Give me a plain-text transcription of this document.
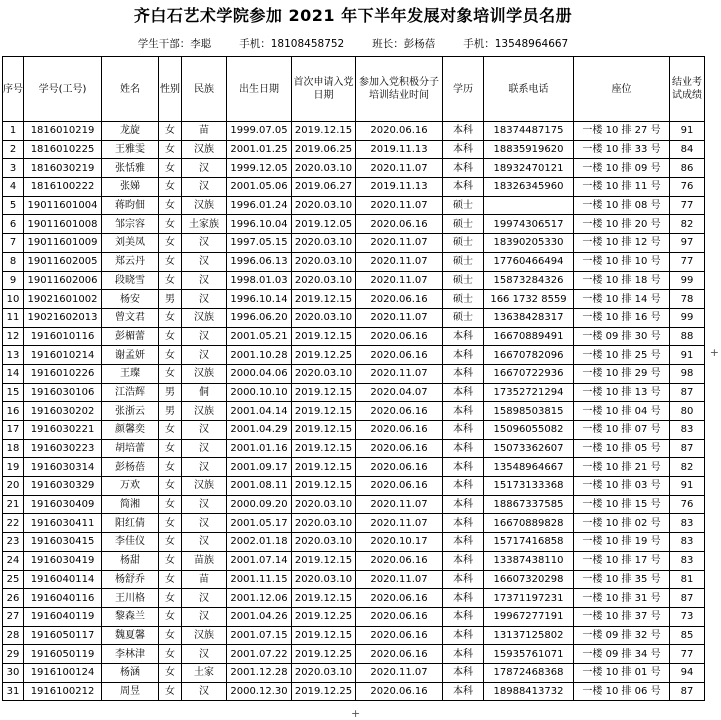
齐白石艺术学院参加 2021 年下半年发展对象培训学员名册
学生干部：李聪	手机：18108458752	班长：彭杨蓓	手机：13548964667
序号	学号(工号)	姓名	性别	民族	出生日期	首次申请入党日期	参加入党积极分子培训结业时间	学历	联系电话	座位	结业考试成绩
1	1816010219	龙旋	女	苗	1999.07.05	2019.12.15	2020.06.16	本科	18374487175	一楼 10 排 27 号	91
2	1816010225	王雅雯	女	汉族	2001.01.25	2019.06.25	2019.11.13	本科	18835919620	一楼 10 排 33 号	84
3	1816030219	张恬雅	女	汉	1999.12.05	2020.03.10	2020.11.07	本科	18932470121	一楼 10 排 09 号	86
4	1816100222	张娣	女	汉	2001.05.06	2019.06.27	2019.11.13	本科	18326345960	一楼 10 排 11 号	76
5	19011601004	蒋昀佃	女	汉族	1996.01.24	2020.03.10	2020.11.07	硕士		一楼 10 排 08 号	77
6	19011601008	邹宗容	女	土家族	1996.10.04	2019.12.05	2020.06.16	硕士	19974306517	一楼 10 排 20 号	82
7	19011601009	刘美凤	女	汉	1997.05.15	2020.03.10	2020.11.07	硕士	18390205330	一楼 10 排 12 号	97
8	19011602005	郑云丹	女	汉	1996.06.13	2020.03.10	2020.11.07	硕士	17760466494	一楼 10 排 10 号	77
9	19011602006	段晓雪	女	汉	1998.01.03	2020.03.10	2020.11.07	硕士	15873284326	一楼 10 排 18 号	99
10	19021601002	杨安	男	汉	1996.10.14	2019.12.15	2020.06.16	硕士	166 1732 8559	一楼 10 排 14 号	78
11	19021602013	曾文君	女	汉族	1996.06.20	2020.03.10	2020.11.07	硕士	13638428317	一楼 10 排 16 号	99
12	1916010116	彭楣蕾	女	汉	2001.05.21	2019.12.15	2020.06.16	本科	16670889491	一楼 09 排 30 号	88
13	1916010214	谢孟妍	女	汉	2001.10.28	2019.12.25	2020.06.16	本科	16670782096	一楼 10 排 25 号	91
14	1916010226	王璨	女	汉族	2000.04.06	2020.03.10	2020.11.07	本科	16670722936	一楼 10 排 29 号	98
15	1916030106	江浩辉	男	侗	2000.10.10	2019.12.15	2020.04.07	本科	17352721294	一楼 10 排 13 号	87
16	1916030202	张浙云	男	汉族	2001.04.14	2019.12.15	2020.06.16	本科	15898503815	一楼 10 排 04 号	80
17	1916030221	颜馨奕	女	汉	2001.04.29	2019.12.15	2020.06.16	本科	15096055082	一楼 10 排 07 号	83
18	1916030223	胡培蕾	女	汉	2001.01.16	2019.12.15	2020.06.16	本科	15073362607	一楼 10 排 05 号	87
19	1916030314	彭杨蓓	女	汉	2001.09.17	2019.12.15	2020.06.16	本科	13548964667	一楼 10 排 21 号	82
20	1916030329	万欢	女	汉族	2001.08.11	2019.12.15	2020.06.16	本科	15173133368	一楼 10 排 03 号	91
21	1916030409	简湘	女	汉	2000.09.20	2020.03.10	2020.11.07	本科	18867337585	一楼 10 排 15 号	76
22	1916030411	阳红倩	女	汉	2001.05.17	2020.03.10	2020.11.07	本科	16670889828	一楼 10 排 02 号	83
23	1916030415	李佳仪	女	汉	2002.01.18	2020.03.10	2020.10.17	本科	15717416858	一楼 10 排 19 号	83
24	1916030419	杨甜	女	苗族	2001.07.14	2019.12.15	2020.06.16	本科	13387438110	一楼 10 排 17 号	83
25	1916040114	杨舒乔	女	苗	2001.11.15	2020.03.10	2020.11.07	本科	16607320298	一楼 10 排 35 号	81
26	1916040116	王川格	女	汉	2001.12.06	2019.12.15	2020.06.16	本科	17371197231	一楼 10 排 31 号	87
27	1916040119	黎森兰	女	汉	2001.04.26	2019.12.25	2020.06.16	本科	19967277191	一楼 10 排 37 号	73
28	1916050117	魏夏馨	女	汉族	2001.07.15	2019.12.15	2020.06.16	本科	13137125802	一楼 09 排 32 号	85
29	1916050119	李林津	女	汉	2001.07.22	2019.12.25	2020.06.16	本科	15935761071	一楼 09 排 34 号	77
30	1916100124	杨涵	女	土家	2001.12.28	2020.03.10	2020.11.07	本科	17872468368	一楼 10 排 01 号	94
31	1916100212	周昱	女	汉	2000.12.30	2019.12.25	2020.06.16	本科	18988413732	一楼 10 排 06 号	87
+
+
